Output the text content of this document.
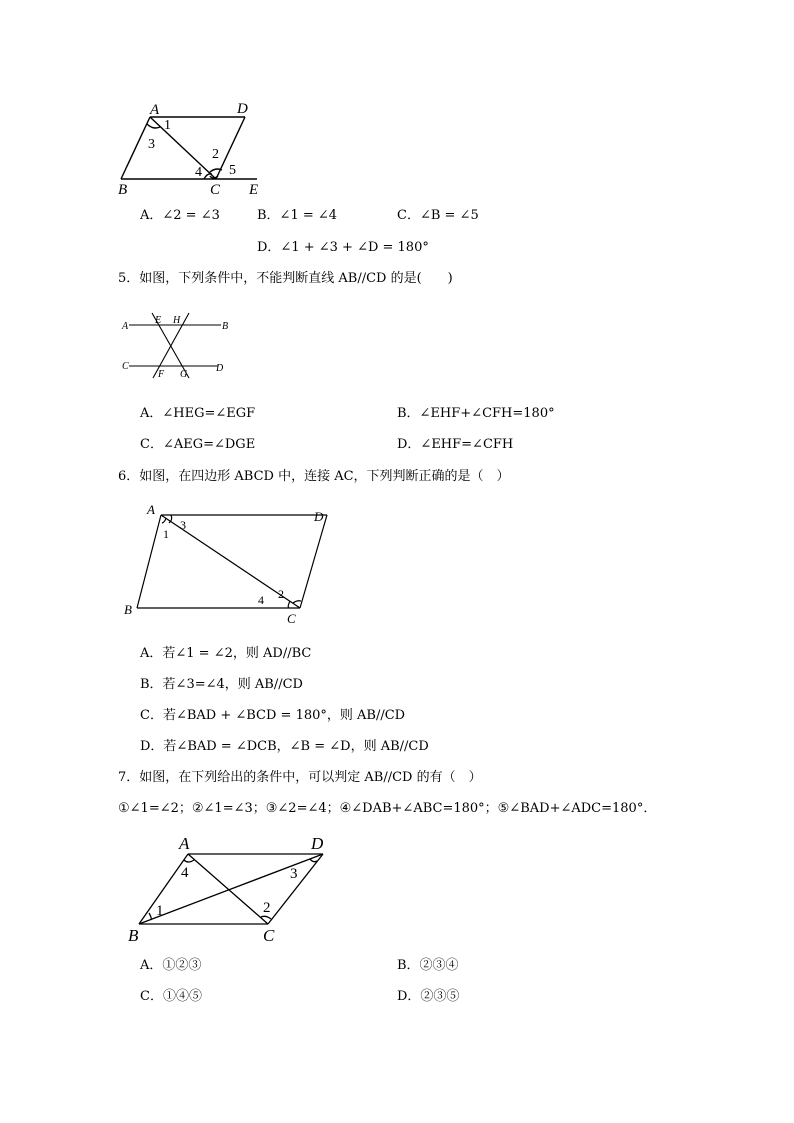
A	D
B	C E
1
2
3
4 5
A．∠2 = ∠3	B．∠1 = ∠4	C．∠B = ∠5
D．∠1 + ∠3 + ∠D = 180°
5．如图，下列条件中，不能判断直线 AB//CD 的是(　　)
A
E H
B
C
F G
D
A．∠HEG=∠EGF	B．∠EHF+∠CFH=180°
C．∠AEG=∠DGE	D．∠EHF=∠CFH
6．如图，在四边形 ABCD 中，连接 AC，下列判断正确的是（　）
A	D
B
C
1
2
3
4
A．若∠1 = ∠2，则 AD//BC
B．若∠3=∠4，则 AB//CD
C．若∠BAD + ∠BCD = 180°，则 AB//CD
D．若∠BAD = ∠DCB，∠B = ∠D，则 AB//CD
7．如图，在下列给出的条件中，可以判定 AB//CD 的有（　）
①∠1=∠2；②∠1=∠3；③∠2=∠4；④∠DAB+∠ABC=180°；⑤∠BAD+∠ADC=180°．
A	D
B	C
1	2
3
4
A．①②③	B．②③④
C．①④⑤	D．②③⑤
